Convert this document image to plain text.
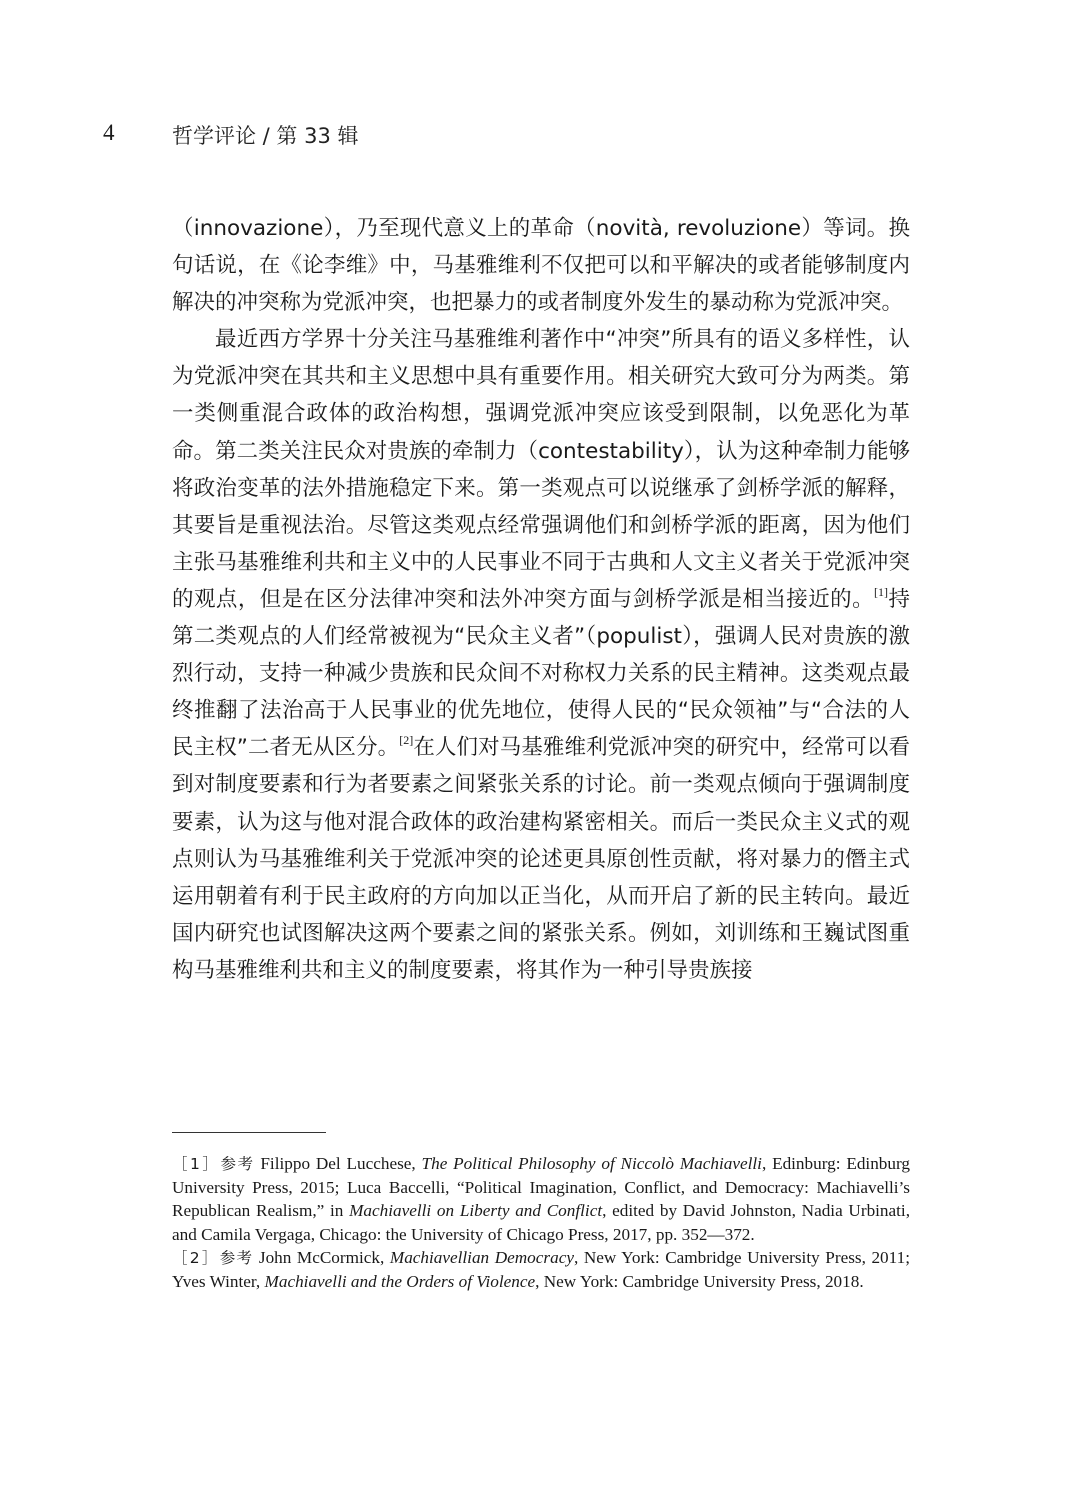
4	哲学评论 / 第 33 辑

（innovazione），乃至现代意义上的革命（novità, revoluzione）等词。换句话说，在《论李维》中，马基雅维利不仅把可以和平解决的或者能够制度内解决的冲突称为党派冲突，也把暴力的或者制度外发生的暴动称为党派冲突。

最近西方学界十分关注马基雅维利著作中“冲突”所具有的语义多样性，认为党派冲突在其共和主义思想中具有重要作用。相关研究大致可分为两类。第一类侧重混合政体的政治构想，强调党派冲突应该受到限制，以免恶化为革命。第二类关注民众对贵族的牵制力（contestability），认为这种牵制力能够将政治变革的法外措施稳定下来。第一类观点可以说继承了剑桥学派的解释，其要旨是重视法治。尽管这类观点经常强调他们和剑桥学派的距离，因为他们主张马基雅维利共和主义中的人民事业不同于古典和人文主义者关于党派冲突的观点，但是在区分法律冲突和法外冲突方面与剑桥学派是相当接近的。[1]持第二类观点的人们经常被视为“民众主义者”（populist），强调人民对贵族的激烈行动，支持一种减少贵族和民众间不对称权力关系的民主精神。这类观点最终推翻了法治高于人民事业的优先地位，使得人民的“民众领袖”与“合法的人民主权”二者无从区分。[2]在人们对马基雅维利党派冲突的研究中，经常可以看到对制度要素和行为者要素之间紧张关系的讨论。前一类观点倾向于强调制度要素，认为这与他对混合政体的政治建构紧密相关。而后一类民众主义式的观点则认为马基雅维利关于党派冲突的论述更具原创性贡献，将对暴力的僭主式运用朝着有利于民主政府的方向加以正当化，从而开启了新的民主转向。最近国内研究也试图解决这两个要素之间的紧张关系。例如，刘训练和王巍试图重构马基雅维利共和主义的制度要素，将其作为一种引导贵族接

［1］参考 Filippo Del Lucchese, The Political Philosophy of Niccolò Machiavelli, Edinburg: Edinburg University Press, 2015; Luca Baccelli, “Political Imagination, Conflict, and Democracy: Machiavelli’s Republican Realism,” in Machiavelli on Liberty and Conflict, edited by David Johnston, Nadia Urbinati, and Camila Vergaga, Chicago: the University of Chicago Press, 2017, pp. 352—372.

［2］参考 John McCormick, Machiavellian Democracy, New York: Cambridge University Press, 2011; Yves Winter, Machiavelli and the Orders of Violence, New York: Cambridge University Press, 2018.
